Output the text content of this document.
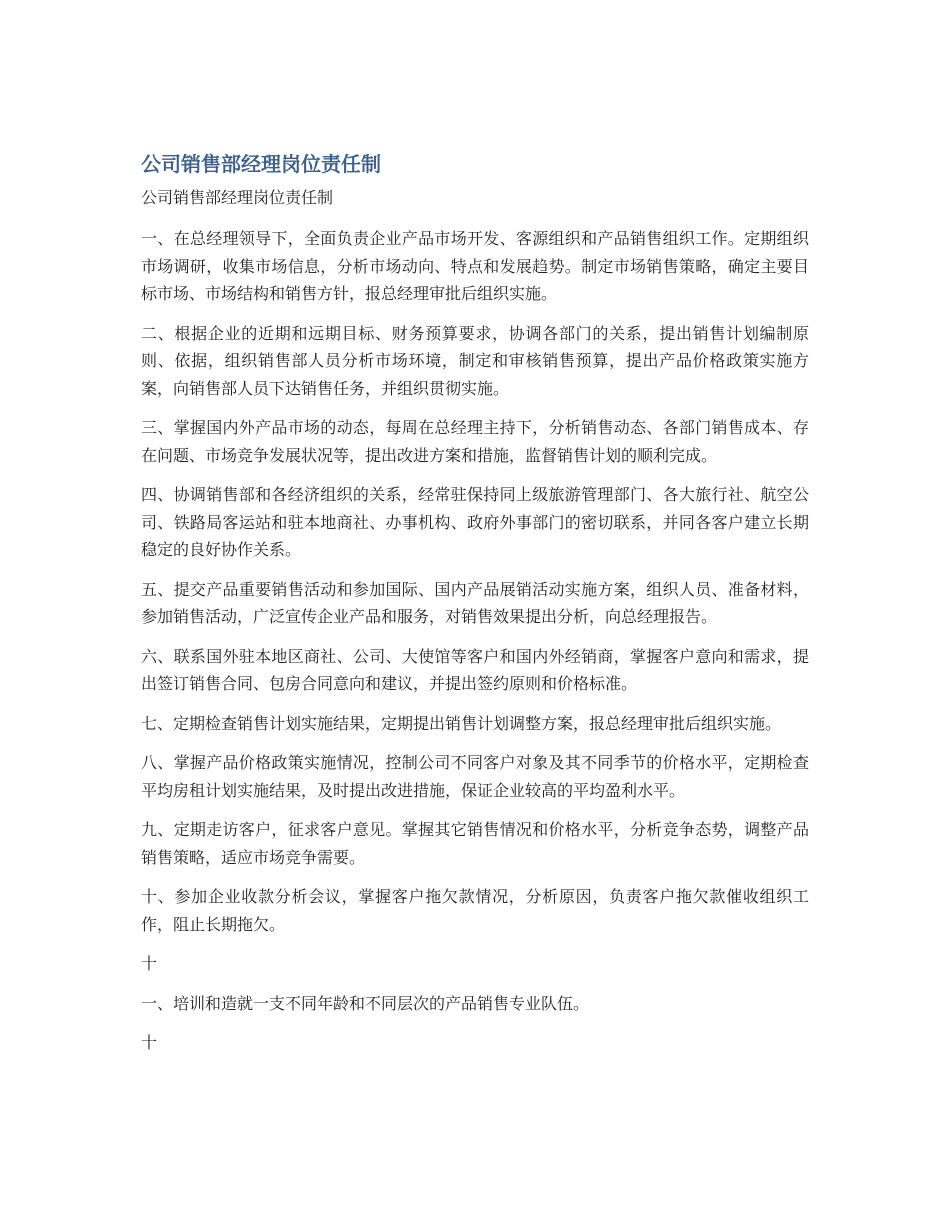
公司销售部经理岗位责任制
公司销售部经理岗位责任制

一、在总经理领导下，全面负责企业产品市场开发、客源组织和产品销售组织工作。定期组织市场调研，收集市场信息，分析市场动向、特点和发展趋势。制定市场销售策略，确定主要目标市场、市场结构和销售方针，报总经理审批后组织实施。

二、根据企业的近期和远期目标、财务预算要求，协调各部门的关系，提出销售计划编制原则、依据，组织销售部人员分析市场环境，制定和审核销售预算，提出产品价格政策实施方案，向销售部人员下达销售任务，并组织贯彻实施。

三、掌握国内外产品市场的动态，每周在总经理主持下，分析销售动态、各部门销售成本、存在问题、市场竞争发展状况等，提出改进方案和措施，监督销售计划的顺利完成。

四、协调销售部和各经济组织的关系，经常驻保持同上级旅游管理部门、各大旅行社、航空公司、铁路局客运站和驻本地商社、办事机构、政府外事部门的密切联系，并同各客户建立长期稳定的良好协作关系。

五、提交产品重要销售活动和参加国际、国内产品展销活动实施方案，组织人员、准备材料，参加销售活动，广泛宣传企业产品和服务，对销售效果提出分析，向总经理报告。

六、联系国外驻本地区商社、公司、大使馆等客户和国内外经销商，掌握客户意向和需求，提出签订销售合同、包房合同意向和建议，并提出签约原则和价格标准。

七、定期检查销售计划实施结果，定期提出销售计划调整方案，报总经理审批后组织实施。

八、掌握产品价格政策实施情况，控制公司不同客户对象及其不同季节的价格水平，定期检查平均房租计划实施结果，及时提出改进措施，保证企业较高的平均盈利水平。

九、定期走访客户，征求客户意见。掌握其它销售情况和价格水平，分析竞争态势，调整产品销售策略，适应市场竞争需要。

十、参加企业收款分析会议，掌握客户拖欠款情况，分析原因，负责客户拖欠款催收组织工作，阻止长期拖欠。

十

一、培训和造就一支不同年龄和不同层次的产品销售专业队伍。

十
